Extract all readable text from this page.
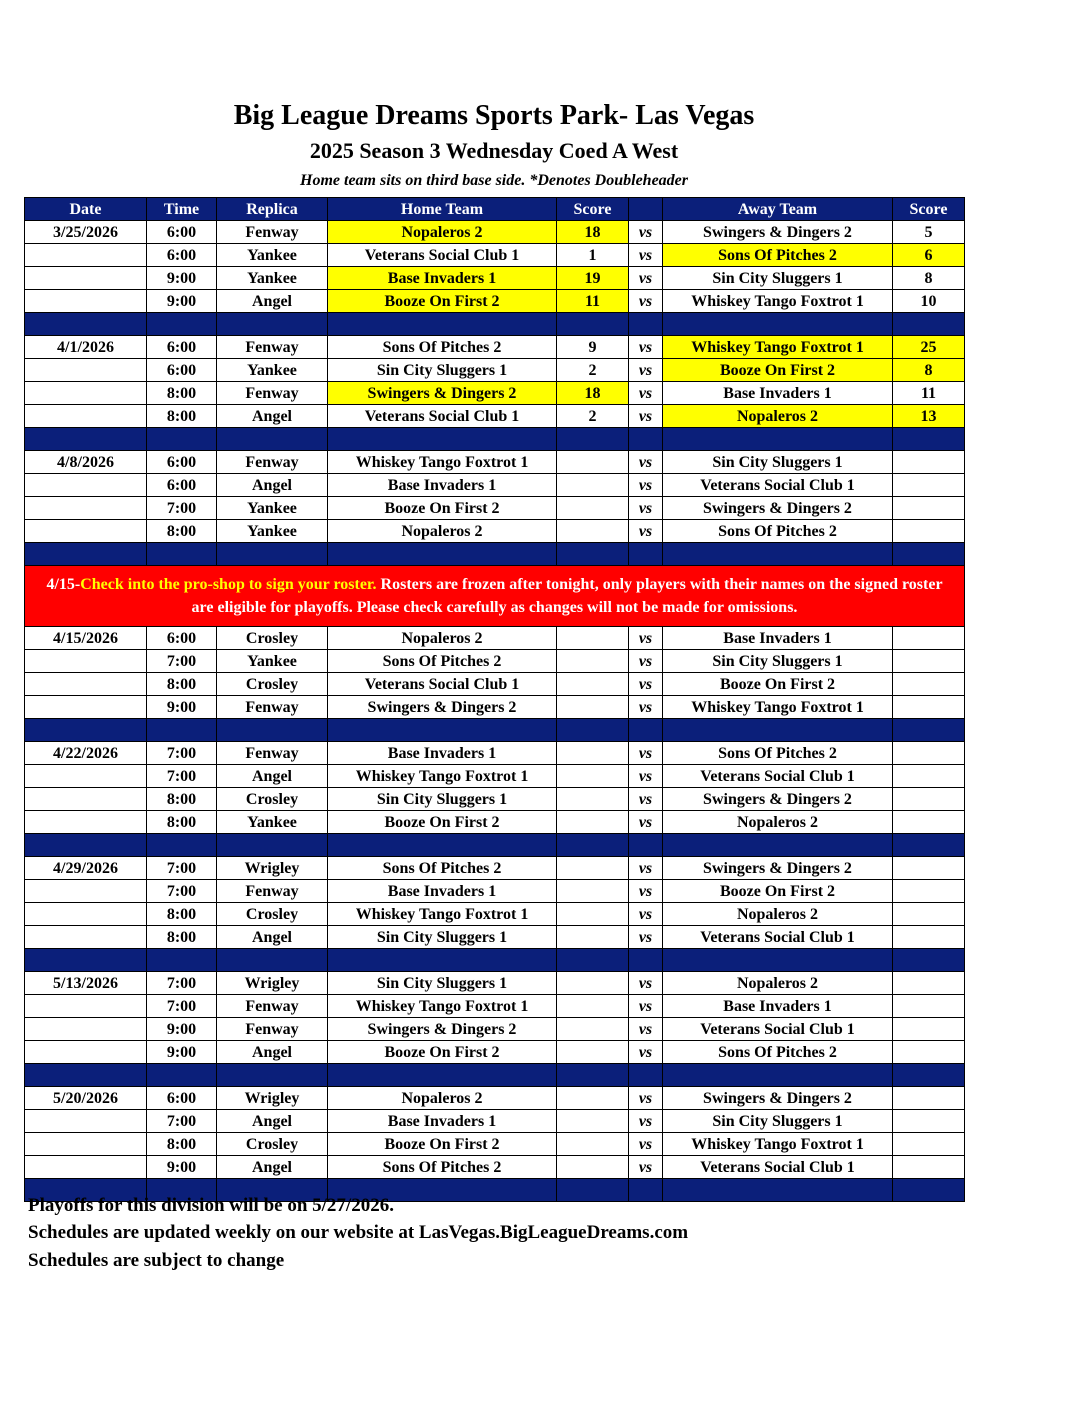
Big League Dreams Sports Park- Las Vegas
2025 Season 3 Wednesday Coed A West
Home team sits on third base side. *Denotes Doubleheader
Date	Time	Replica	Home Team	Score		Away Team	Score
3/25/2026	6:00	Fenway	Nopaleros 2	18	vs	Swingers & Dingers 2	5
	6:00	Yankee	Veterans Social Club 1	1	vs	Sons Of Pitches 2	6
	9:00	Yankee	Base Invaders 1	19	vs	Sin City Sluggers 1	8
	9:00	Angel	Booze On First 2	11	vs	Whiskey Tango Foxtrot 1	10

4/1/2026	6:00	Fenway	Sons Of Pitches 2	9	vs	Whiskey Tango Foxtrot 1	25
	6:00	Yankee	Sin City Sluggers 1	2	vs	Booze On First 2	8
	8:00	Fenway	Swingers & Dingers 2	18	vs	Base Invaders 1	11
	8:00	Angel	Veterans Social Club 1	2	vs	Nopaleros 2	13

4/8/2026	6:00	Fenway	Whiskey Tango Foxtrot 1		vs	Sin City Sluggers 1	
	6:00	Angel	Base Invaders 1		vs	Veterans Social Club 1	
	7:00	Yankee	Booze On First 2		vs	Swingers & Dingers 2	
	8:00	Yankee	Nopaleros 2		vs	Sons Of Pitches 2	

4/15-Check into the pro-shop to sign your roster. Rosters are frozen after tonight, only players with their names on the signed roster are eligible for playoffs. Please check carefully as changes will not be made for omissions.							
4/15/2026	6:00	Crosley	Nopaleros 2		vs	Base Invaders 1	
	7:00	Yankee	Sons Of Pitches 2		vs	Sin City Sluggers 1	
	8:00	Crosley	Veterans Social Club 1		vs	Booze On First 2	
	9:00	Fenway	Swingers & Dingers 2		vs	Whiskey Tango Foxtrot 1	

4/22/2026	7:00	Fenway	Base Invaders 1		vs	Sons Of Pitches 2	
	7:00	Angel	Whiskey Tango Foxtrot 1		vs	Veterans Social Club 1	
	8:00	Crosley	Sin City Sluggers 1		vs	Swingers & Dingers 2	
	8:00	Yankee	Booze On First 2		vs	Nopaleros 2	

4/29/2026	7:00	Wrigley	Sons Of Pitches 2		vs	Swingers & Dingers 2	
	7:00	Fenway	Base Invaders 1		vs	Booze On First 2	
	8:00	Crosley	Whiskey Tango Foxtrot 1		vs	Nopaleros 2	
	8:00	Angel	Sin City Sluggers 1		vs	Veterans Social Club 1	

5/13/2026	7:00	Wrigley	Sin City Sluggers 1		vs	Nopaleros 2	
	7:00	Fenway	Whiskey Tango Foxtrot 1		vs	Base Invaders 1	
	9:00	Fenway	Swingers & Dingers 2		vs	Veterans Social Club 1	
	9:00	Angel	Booze On First 2		vs	Sons Of Pitches 2	

5/20/2026	6:00	Wrigley	Nopaleros 2		vs	Swingers & Dingers 2	
	7:00	Angel	Base Invaders 1		vs	Sin City Sluggers 1	
	8:00	Crosley	Booze On First 2		vs	Whiskey Tango Foxtrot 1	
	9:00	Angel	Sons Of Pitches 2		vs	Veterans Social Club 1	

Playoffs for this division will be on 5/27/2026.
Schedules are updated weekly on our website at LasVegas.BigLeagueDreams.com
Schedules are subject to change
